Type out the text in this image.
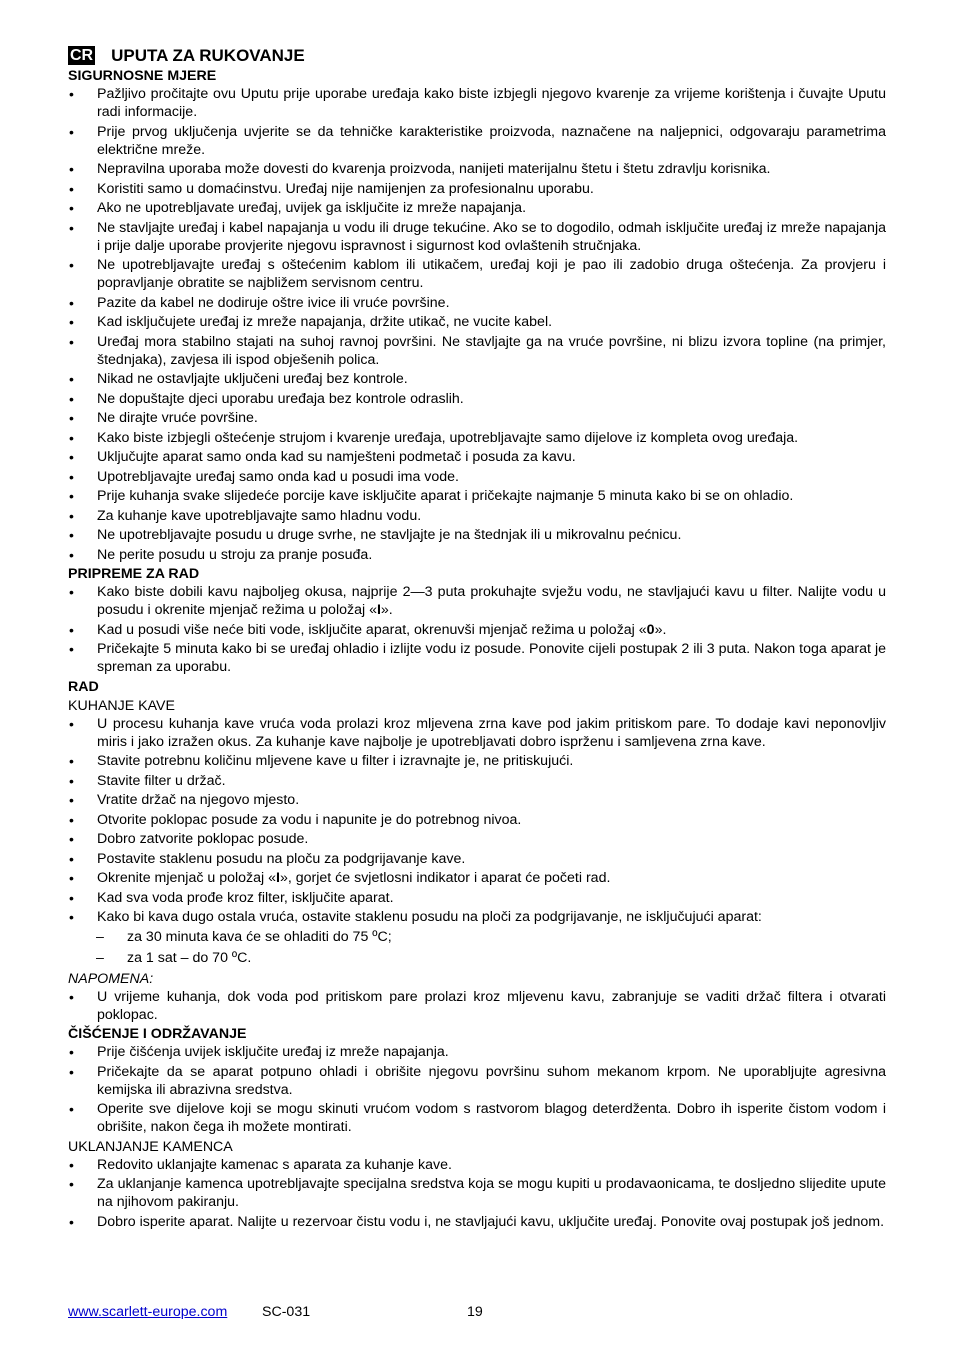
CR UPUTA ZA RUKOVANJE
SIGURNOSNE MJERE
• Pažljivo pročitajte ovu Uputu prije uporabe uređaja kako biste izbjegli njegovo kvarenje za vrijeme korištenja i čuvajte Uputu radi informacije.
• Prije prvog uključenja uvjerite se da tehničke karakteristike proizvoda, naznačene na naljepnici, odgovaraju parametrima električne mreže.
• Nepravilna uporaba može dovesti do kvarenja proizvoda, nanijeti materijalnu štetu i štetu zdravlju korisnika.
• Koristiti samo u domaćinstvu. Uređaj nije namijenjen za profesionalnu uporabu.
• Ako ne upotrebljavate uređaj, uvijek ga isključite iz mreže napajanja.
• Ne stavljajte uređaj i kabel napajanja u vodu ili druge tekućine. Ako se to dogodilo, odmah isključite uređaj iz mreže napajanja i prije dalje uporabe provjerite njegovu ispravnost i sigurnost kod ovlaštenih stručnjaka.
• Ne upotrebljavajte uređaj s oštećenim kablom ili utikačem, uređaj koji je pao ili zadobio druga oštećenja. Za provjeru i popravljanje obratite se najbližem servisnom centru.
• Pazite da kabel ne dodiruje oštre ivice ili vruće površine.
• Kad isključujete uređaj iz mreže napajanja, držite utikač, ne vucite kabel.
• Uređaj mora stabilno stajati na suhoj ravnoj površini. Ne stavljajte ga na vruće površine, ni blizu izvora topline (na primjer, štednjaka), zavjesa ili ispod obješenih polica.
• Nikad ne ostavljajte uključeni uređaj bez kontrole.
• Ne dopuštajte djeci uporabu uređaja bez kontrole odraslih.
• Ne dirajte vruće površine.
• Kako biste izbjegli oštećenje strujom i kvarenje uređaja, upotrebljavajte samo dijelove iz kompleta ovog uređaja.
• Uključujte aparat samo onda kad su namješteni podmetač i posuda za kavu.
• Upotrebljavajte uređaj samo onda kad u posudi ima vode.
• Prije kuhanja svake slijedeće porcije kave isključite aparat i pričekajte najmanje 5 minuta kako bi se on ohladio.
• Za kuhanje kave upotrebljavajte samo hladnu vodu.
• Ne upotrebljavajte posudu u druge svrhe, ne stavljajte je na štednjak ili u mikrovalnu pećnicu.
• Ne perite posudu u stroju za pranje posuđa.
PRIPREME ZA RAD
• Kako biste dobili kavu najboljeg okusa, najprije 2—3 puta prokuhajte svježu vodu, ne stavljajući kavu u filter. Nalijte vodu u posudu i okrenite mjenjač režima u položaj «I».
• Kad u posudi više neće biti vode, isključite aparat, okrenuvši mjenjač režima u položaj «0».
• Pričekajte 5 minuta kako bi se uređaj ohladio i izlijte vodu iz posude. Ponovite cijeli postupak 2 ili 3 puta. Nakon toga aparat je spreman za uporabu.
RAD
KUHANJE KAVE
• U procesu kuhanja kave vruća voda prolazi kroz mljevena zrna kave pod jakim pritiskom pare. To dodaje kavi neponovljiv miris i jako izražen okus. Za kuhanje kave najbolje je upotrebljavati dobro isprženu i samljevena zrna kave.
• Stavite potrebnu količinu mljevene kave u filter i izravnajte je, ne pritiskujući.
• Stavite filter u držač.
• Vratite držač na njegovo mjesto.
• Otvorite poklopac posude za vodu i napunite je do potrebnog nivoa.
• Dobro zatvorite poklopac posude.
• Postavite staklenu posudu na ploču za podgrijavanje kave.
• Okrenite mjenjač u položaj «I», gorjet će svjetlosni indikator i aparat će početi rad.
• Kad sva voda prođe kroz filter, isključite aparat.
• Kako bi kava dugo ostala vruća, ostavite staklenu posudu na ploči za podgrijavanje, ne isključujući aparat:
– za 30 minuta kava će se ohladiti do 75 ºC;
– za 1 sat – do 70 ºC.
NAPOMENA:
• U vrijeme kuhanja, dok voda pod pritiskom pare prolazi kroz mljevenu kavu, zabranjuje se vaditi držač filtera i otvarati poklopac.
ČIŠĆENJE I ODRŽAVANJE
• Prije čišćenja uvijek isključite uređaj iz mreže napajanja.
• Pričekajte da se aparat potpuno ohladi i obrišite njegovu površinu suhom mekanom krpom. Ne uporabljujte agresivna kemijska ili abrazivna sredstva.
• Operite sve dijelove koji se mogu skinuti vrućom vodom s rastvorom blagog deterdženta. Dobro ih isperite čistom vodom i obrišite, nakon čega ih možete montirati.
UKLANJANJE KAMENCA
• Redovito uklanjajte kamenac s aparata za kuhanje kave.
• Za uklanjanje kamenca upotrebljavajte specijalna sredstva koja se mogu kupiti u prodavaonicama, te dosljedno slijedite upute na njihovom pakiranju.
• Dobro isperite aparat. Nalijte u rezervoar čistu vodu i, ne stavljajući kavu, uključite uređaj. Ponovite ovaj postupak još jednom.
www.scarlett-europe.com SC-031	19
